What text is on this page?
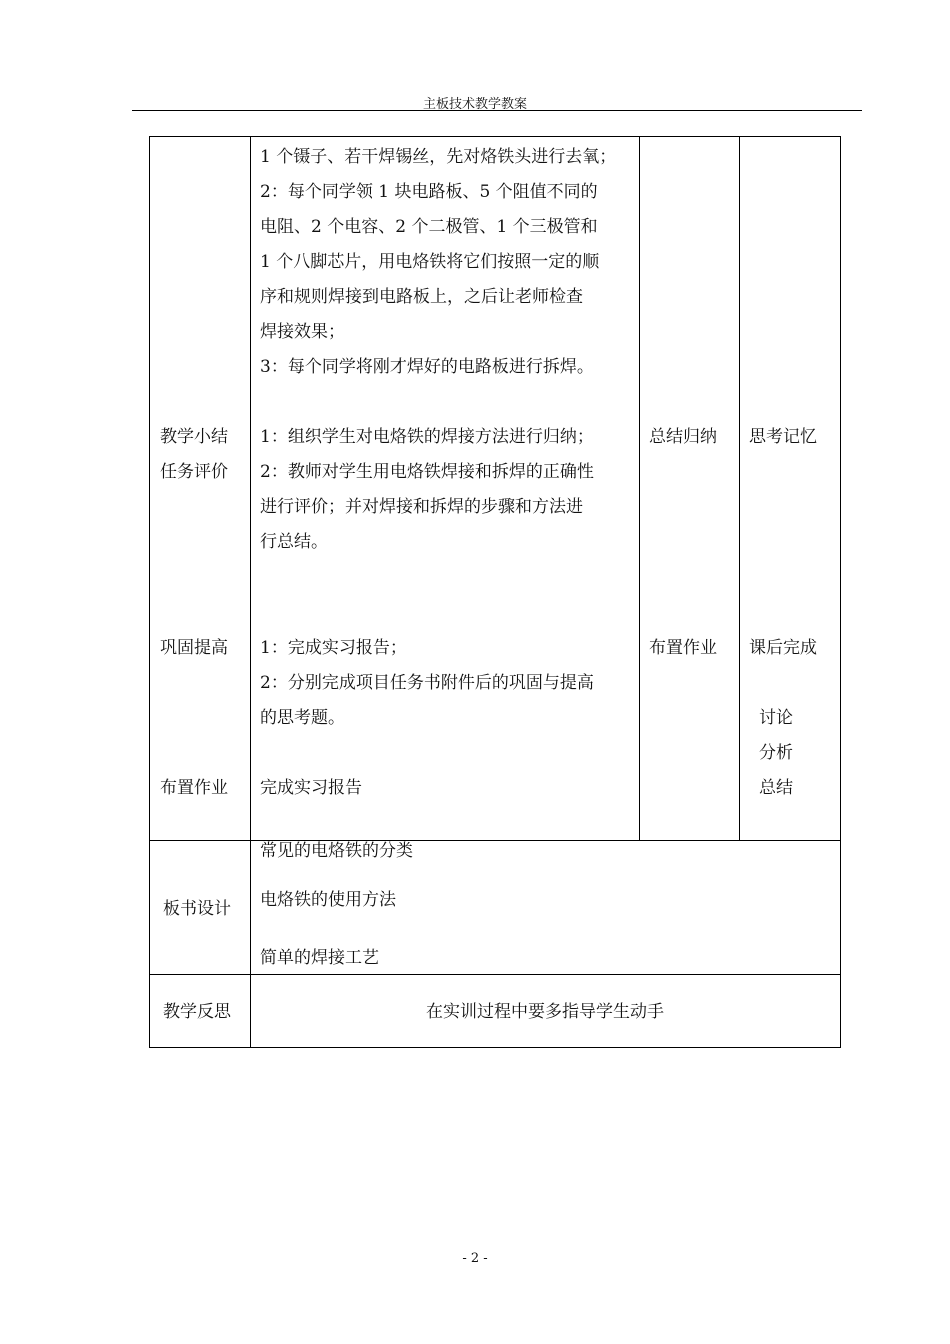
主板技术教学教案
1 个镊子、若干焊锡丝，先对烙铁头进行去氧；
2：每个同学领 1 块电路板、5 个阻值不同的
电阻、2 个电容、2 个二极管、1 个三极管和
1 个八脚芯片，用电烙铁将它们按照一定的顺
序和规则焊接到电路板上，之后让老师检查
焊接效果；
3：每个同学将刚才焊好的电路板进行拆焊。
教学小结
任务评价
1：组织学生对电烙铁的焊接方法进行归纳；
2：教师对学生用电烙铁焊接和拆焊的正确性
进行评价；并对焊接和拆焊的步骤和方法进
行总结。
总结归纳 思考记忆
巩固提高 1：完成实习报告；
2：分别完成项目任务书附件后的巩固与提高
的思考题。
布置作业 课后完成
讨论
分析
总结
布置作业 完成实习报告
板书设计
常见的电烙铁的分类
电烙铁的使用方法
简单的焊接工艺
教学反思	在实训过程中要多指导学生动手
- 2 -
